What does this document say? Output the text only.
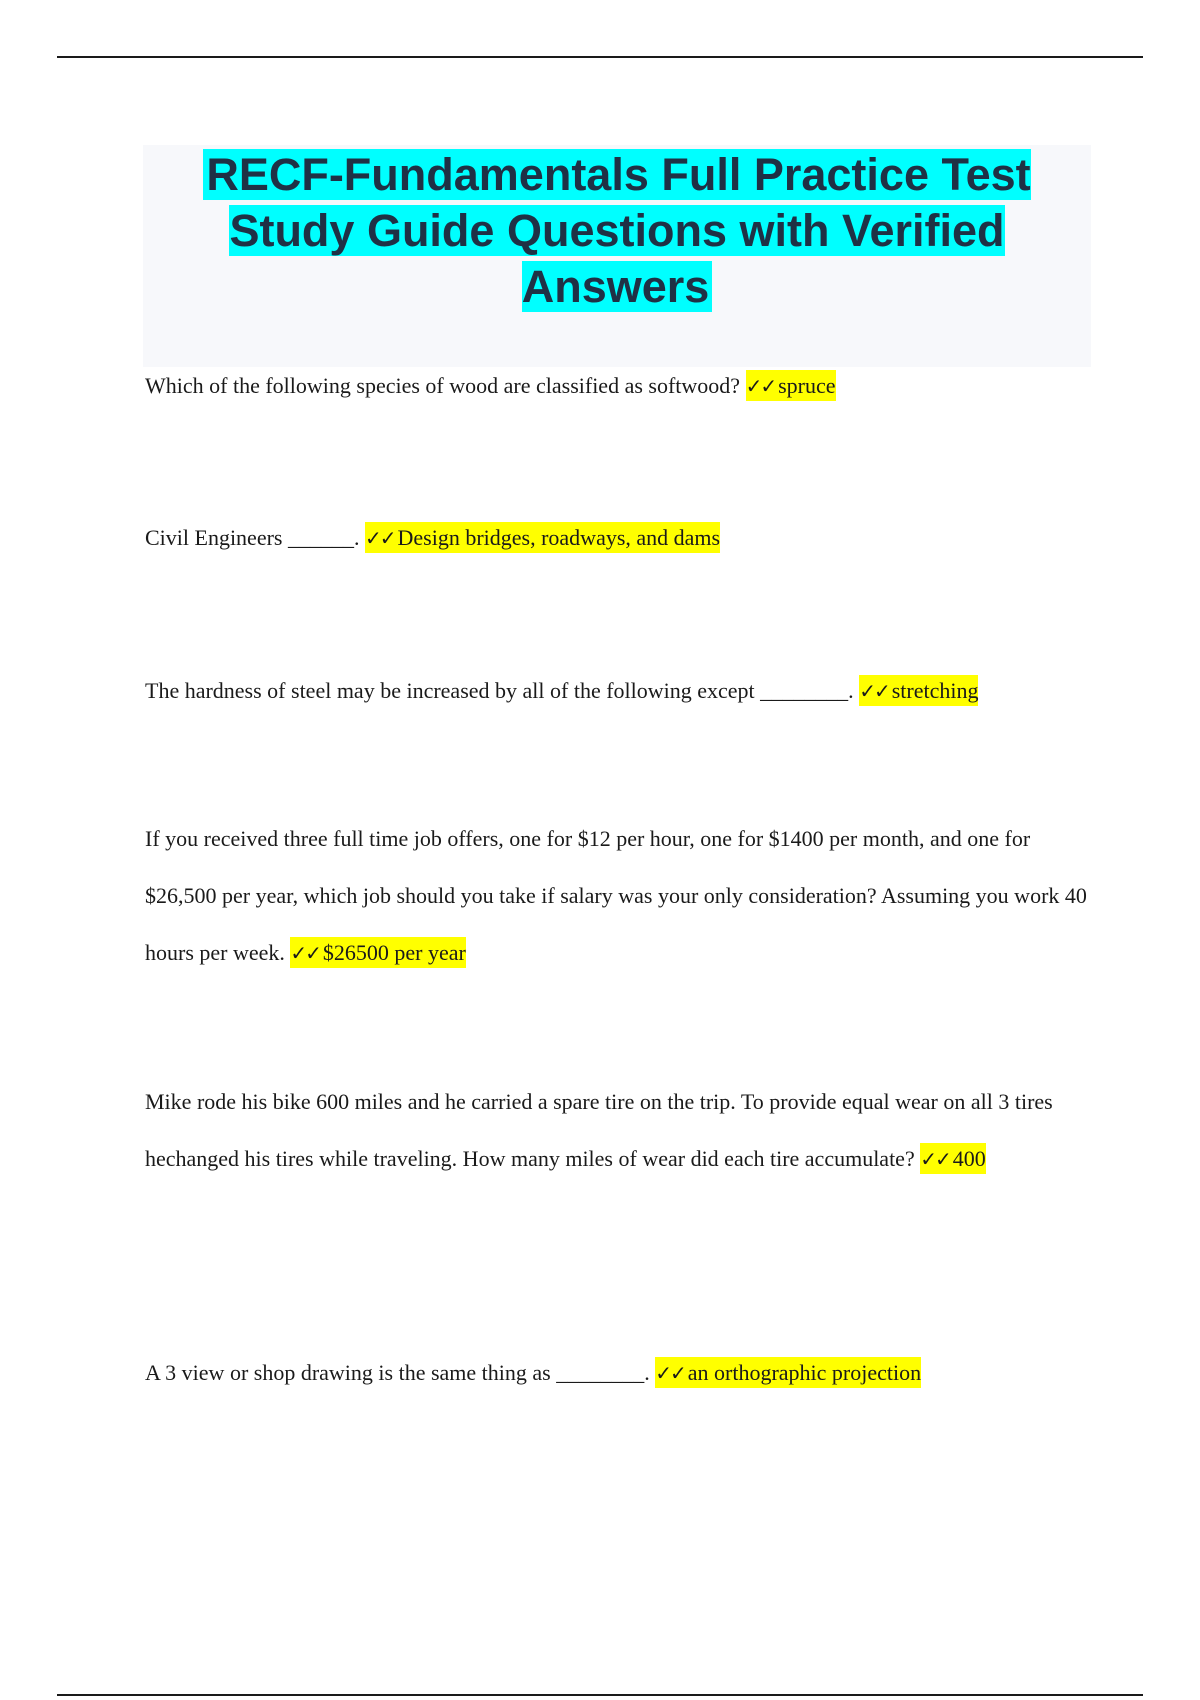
RECF-Fundamentals Full Practice Test Study Guide Questions with Verified Answers

Which of the following species of wood are classified as softwood? ✓✓ spruce

Civil Engineers ______. ✓✓ Design bridges, roadways, and dams

The hardness of steel may be increased by all of the following except ________. ✓✓ stretching

If you received three full time job offers, one for $12 per hour, one for $1400 per month, and one for $26,500 per year, which job should you take if salary was your only consideration? Assuming you work 40 hours per week. ✓✓ $26500 per year

Mike rode his bike 600 miles and he carried a spare tire on the trip. To provide equal wear on all 3 tires hechanged his tires while traveling. How many miles of wear did each tire accumulate? ✓✓ 400

A 3 view or shop drawing is the same thing as ________. ✓✓ an orthographic projection
